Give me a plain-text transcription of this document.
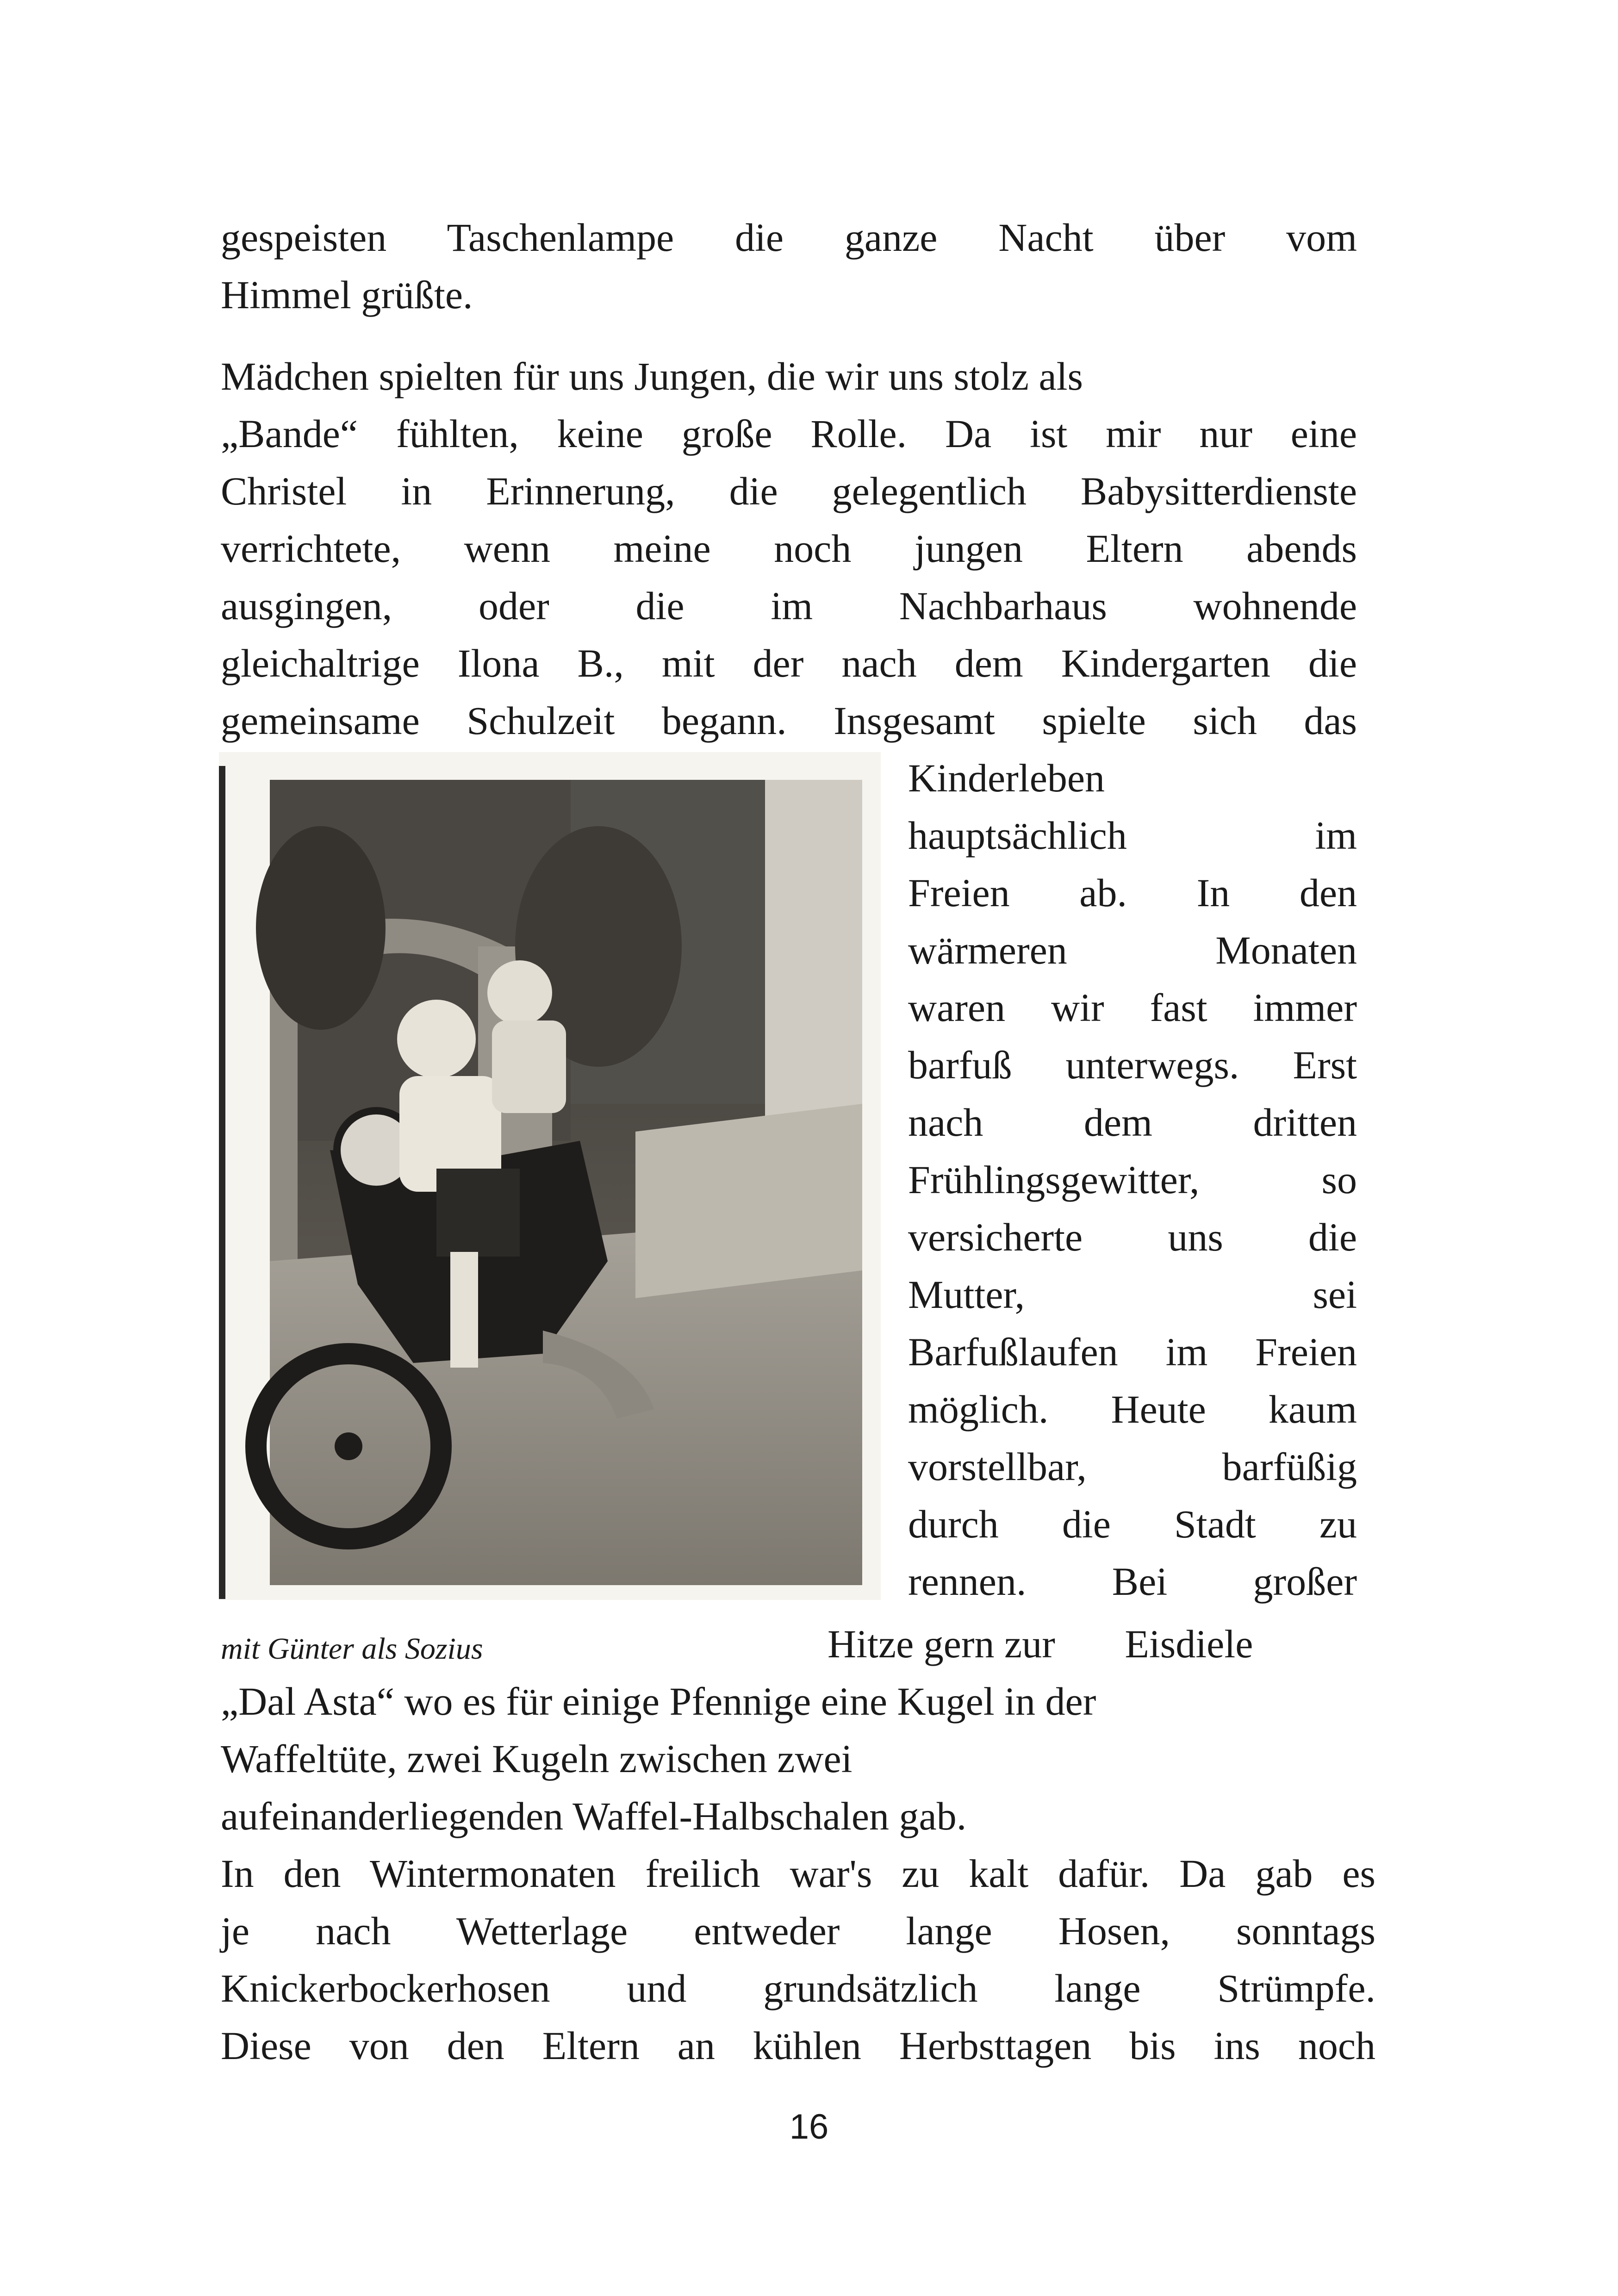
gespeisten Taschenlampe die ganze Nacht über vom
Himmel grüßte.
Mädchen spielten für uns Jungen, die wir uns stolz als
„Bande“ fühlten, keine große Rolle. Da ist mir nur eine
Christel in Erinnerung, die gelegentlich Babysitterdienste
verrichtete, wenn meine noch jungen Eltern abends
ausgingen, oder die im Nachbarhaus wohnende
gleichaltrige Ilona B., mit der nach dem Kindergarten die
gemeinsame Schulzeit begann. Insgesamt spielte sich das
Kinderleben
hauptsächlich im
Freien ab. In den
wärmeren Monaten
waren wir fast immer
barfuß unterwegs. Erst
nach dem dritten
Frühlingsgewitter, so
versicherte uns die
Mutter, sei
Barfußlaufen im Freien
möglich. Heute kaum
vorstellbar, barfüßig
durch die Stadt zu
rennen. Bei großer
mit Günter als Sozius	Hitze gern zur       Eisdiele
„Dal Asta“ wo es für einige Pfennige eine Kugel in der
Waffeltüte, zwei Kugeln zwischen zwei
aufeinanderliegenden Waffel-Halbschalen gab.
In den Wintermonaten freilich war's zu kalt dafür. Da gab es
je nach Wetterlage entweder lange Hosen, sonntags
Knickerbockerhosen und grundsätzlich lange Strümpfe.
Diese von den Eltern an kühlen Herbsttagen bis ins noch
16
